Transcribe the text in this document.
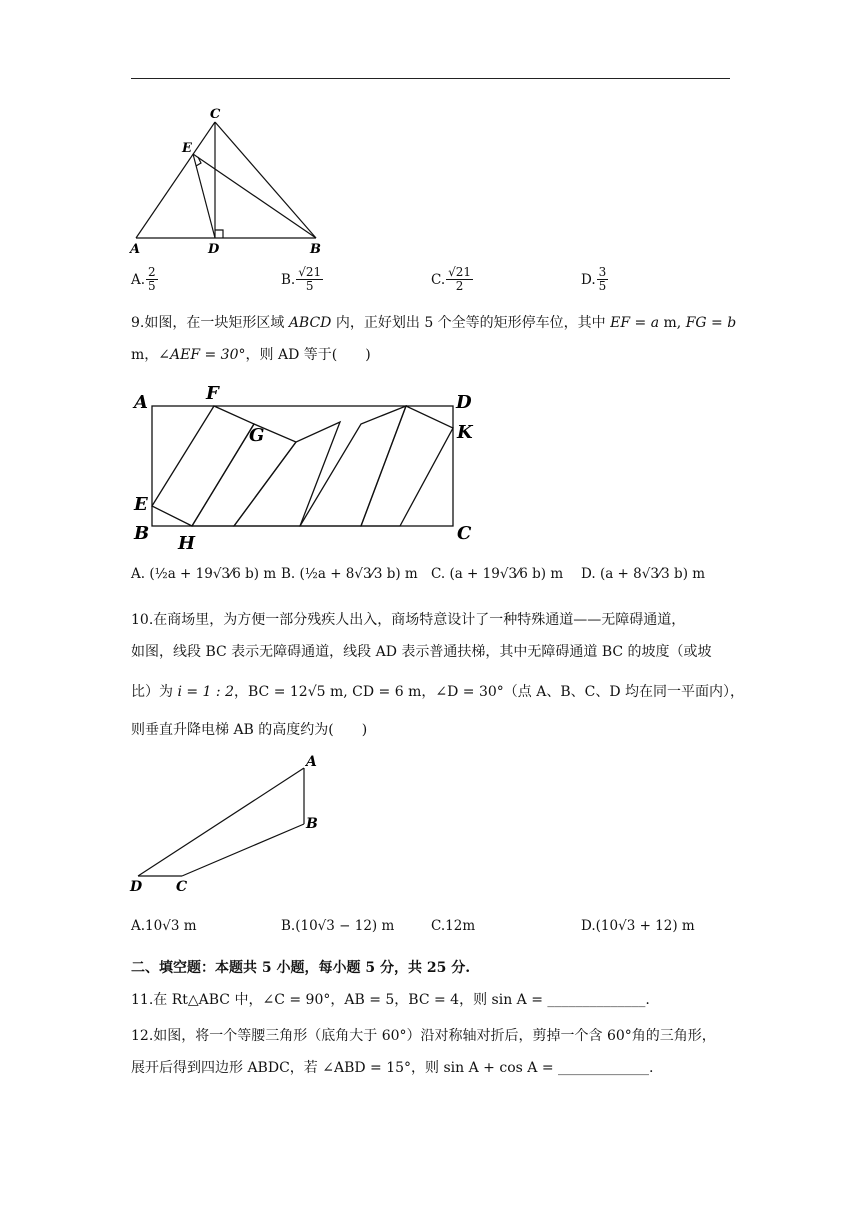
C
E
A	D	B
A. $\frac{2}{5}$	B. $\frac{√21}{5}$	C. $\frac{√21}{2}$	D. $\frac{3}{5}$
9.如图，在一块矩形区域 ABCD 内，正好划出 5 个全等的矩形停车位，其中 EF = a m, FG = b
m，∠AEF = 30°，则 AD 等于(　　)
A	F	D
G	K
E
B H	C
A.
(½a + 19√3⁄6 b) m B.
(½a + 8√3⁄3 b) m C.
(a + 19√3⁄6 b) m D.
(a + 8√3⁄3 b) m
10.在商场里，为方便一部分残疾人出入，商场特意设计了一种特殊通道——无障碍通道，
如图，线段 BC 表示无障碍通道，线段 AD 表示普通扶梯，其中无障碍通道 BC 的坡度（或坡
比）为 i = 1 : 2，BC = 12√5 m, CD = 6 m，∠D = 30°（点 A、B、C、D 均在同一平面内），
则垂直升降电梯 AB 的高度约为(　　)
A
B
D C
A. 10√3 m	B. (10√3 − 12) m	C. 12m	D. (10√3 + 12) m
二、填空题：本题共 5 小题，每小题 5 分，共 25 分.
11.在 Rt△ABC 中，∠C = 90°，AB = 5，BC = 4，则 sin A = ______________.
12.如图，将一个等腰三角形（底角大于 60°）沿对称轴对折后，剪掉一个含 60°角的三角形，
展开后得到四边形 ABDC，若 ∠ABD = 15°，则 sin A + cos A = _____________.
